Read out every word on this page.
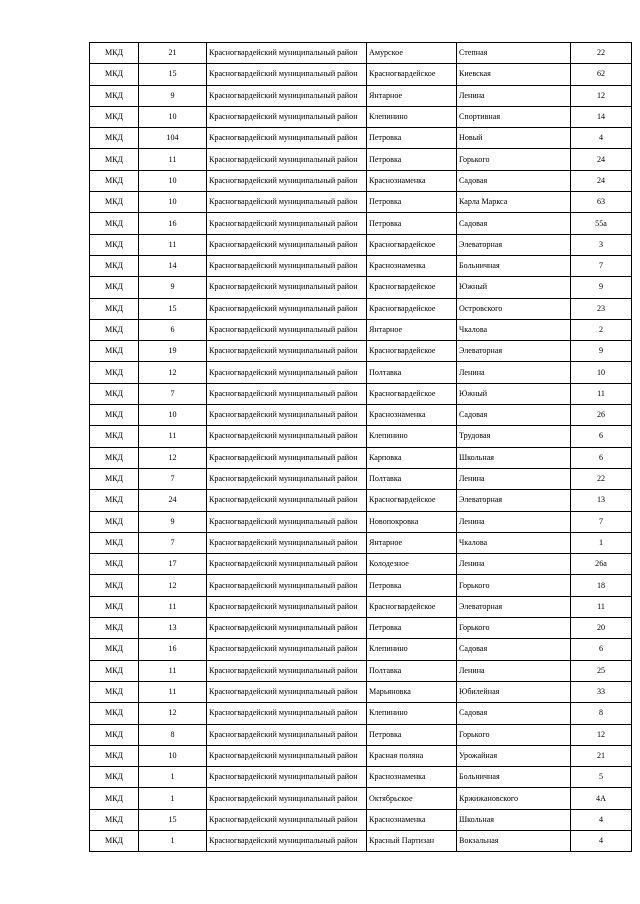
МКД	21	Красногвардейский муниципальный район	Амурское	Степная	22
МКД	15	Красногвардейский муниципальный район	Красногвардейское	Киевская	62
МКД	9	Красногвардейский муниципальный район	Янтарное	Ленина	12
МКД	10	Красногвардейский муниципальный район	Клепинино	Спортивная	14
МКД	104	Красногвардейский муниципальный район	Петровка	Новый	4
МКД	11	Красногвардейский муниципальный район	Петровка	Горького	24
МКД	10	Красногвардейский муниципальный район	Краснознаменка	Садовая	24
МКД	10	Красногвардейский муниципальный район	Петровка	Карла Маркса	63
МКД	16	Красногвардейский муниципальный район	Петровка	Садовая	55а
МКД	11	Красногвардейский муниципальный район	Красногвардейское	Элеваторная	3
МКД	14	Красногвардейский муниципальный район	Краснознаменка	Больничная	7
МКД	9	Красногвардейский муниципальный район	Красногвардейское	Южный	9
МКД	15	Красногвардейский муниципальный район	Красногвардейское	Островского	23
МКД	6	Красногвардейский муниципальный район	Янтарное	Чкалова	2
МКД	19	Красногвардейский муниципальный район	Красногвардейское	Элеваторная	9
МКД	12	Красногвардейский муниципальный район	Полтавка	Ленина	10
МКД	7	Красногвардейский муниципальный район	Красногвардейское	Южный	11
МКД	10	Красногвардейский муниципальный район	Краснознаменка	Садовая	26
МКД	11	Красногвардейский муниципальный район	Клепинино	Трудовая	6
МКД	12	Красногвардейский муниципальный район	Карповка	Школьная	6
МКД	7	Красногвардейский муниципальный район	Полтавка	Ленина	22
МКД	24	Красногвардейский муниципальный район	Красногвардейское	Элеваторная	13
МКД	9	Красногвардейский муниципальный район	Новопокровка	Ленина	7
МКД	7	Красногвардейский муниципальный район	Янтарное	Чкалова	1
МКД	17	Красногвардейский муниципальный район	Колодезное	Ленина	26а
МКД	12	Красногвардейский муниципальный район	Петровка	Горького	18
МКД	11	Красногвардейский муниципальный район	Красногвардейское	Элеваторная	11
МКД	13	Красногвардейский муниципальный район	Петровка	Горького	20
МКД	16	Красногвардейский муниципальный район	Клепинино	Садовая	6
МКД	11	Красногвардейский муниципальный район	Полтавка	Ленина	25
МКД	11	Красногвардейский муниципальный район	Марьяновка	Юбилейная	33
МКД	12	Красногвардейский муниципальный район	Клепинино	Садовая	8
МКД	8	Красногвардейский муниципальный район	Петровка	Горького	12
МКД	10	Красногвардейский муниципальный район	Красная поляна	Урожайная	21
МКД	1	Красногвардейский муниципальный район	Краснознаменка	Больничная	5
МКД	1	Красногвардейский муниципальный район	Октябрьское	Кржижановского	4А
МКД	15	Красногвардейский муниципальный район	Краснознаменка	Школьная	4
МКД	1	Красногвардейский муниципальный район	Красный Партизан	Вокзальная	4
